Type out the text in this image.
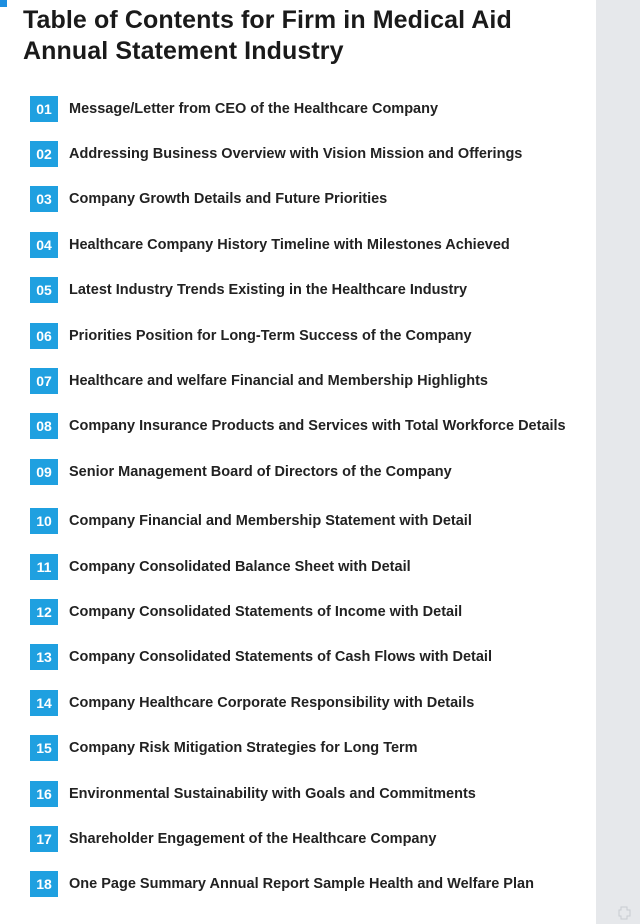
Table of Contents for Firm in Medical Aid Annual Statement Industry
01	Message/Letter from CEO of the Healthcare Company
02	Addressing Business Overview with Vision Mission and Offerings
03	Company Growth Details and Future Priorities
04	Healthcare Company History Timeline with Milestones Achieved
05	Latest Industry Trends Existing in the Healthcare Industry
06	Priorities Position for Long-Term Success of the Company
07	Healthcare and welfare Financial and Membership Highlights
08	Company Insurance Products and Services with Total Workforce Details
09	Senior Management Board of Directors of the Company
10	Company Financial and Membership Statement with Detail
11	Company Consolidated Balance Sheet with Detail
12	Company Consolidated Statements of Income with Detail
13	Company Consolidated Statements of Cash Flows with Detail
14	Company Healthcare Corporate Responsibility with Details
15	Company Risk Mitigation Strategies for Long Term
16	Environmental Sustainability with Goals and Commitments
17	Shareholder Engagement of the Healthcare Company
18	One Page Summary Annual Report Sample Health and Welfare Plan
